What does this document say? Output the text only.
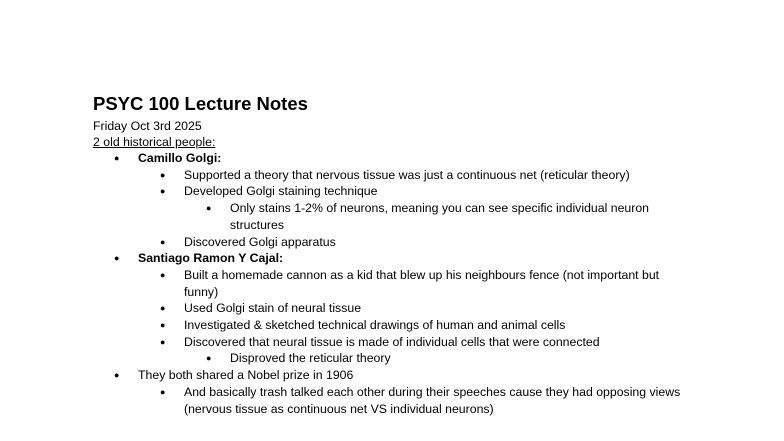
PSYC 100 Lecture Notes
Friday Oct 3rd 2025
2 old historical people:
● Camillo Golgi:
● Supported a theory that nervous tissue was just a continuous net (reticular theory)
● Developed Golgi staining technique
● Only stains 1-2% of neurons, meaning you can see specific individual neuron structures
● Discovered Golgi apparatus
● Santiago Ramon Y Cajal:
● Built a homemade cannon as a kid that blew up his neighbours fence (not important but funny)
● Used Golgi stain of neural tissue
● Investigated & sketched technical drawings of human and animal cells
● Discovered that neural tissue is made of individual cells that were connected
● Disproved the reticular theory
● They both shared a Nobel prize in 1906
● And basically trash talked each other during their speeches cause they had opposing views (nervous tissue as continuous net VS individual neurons)
